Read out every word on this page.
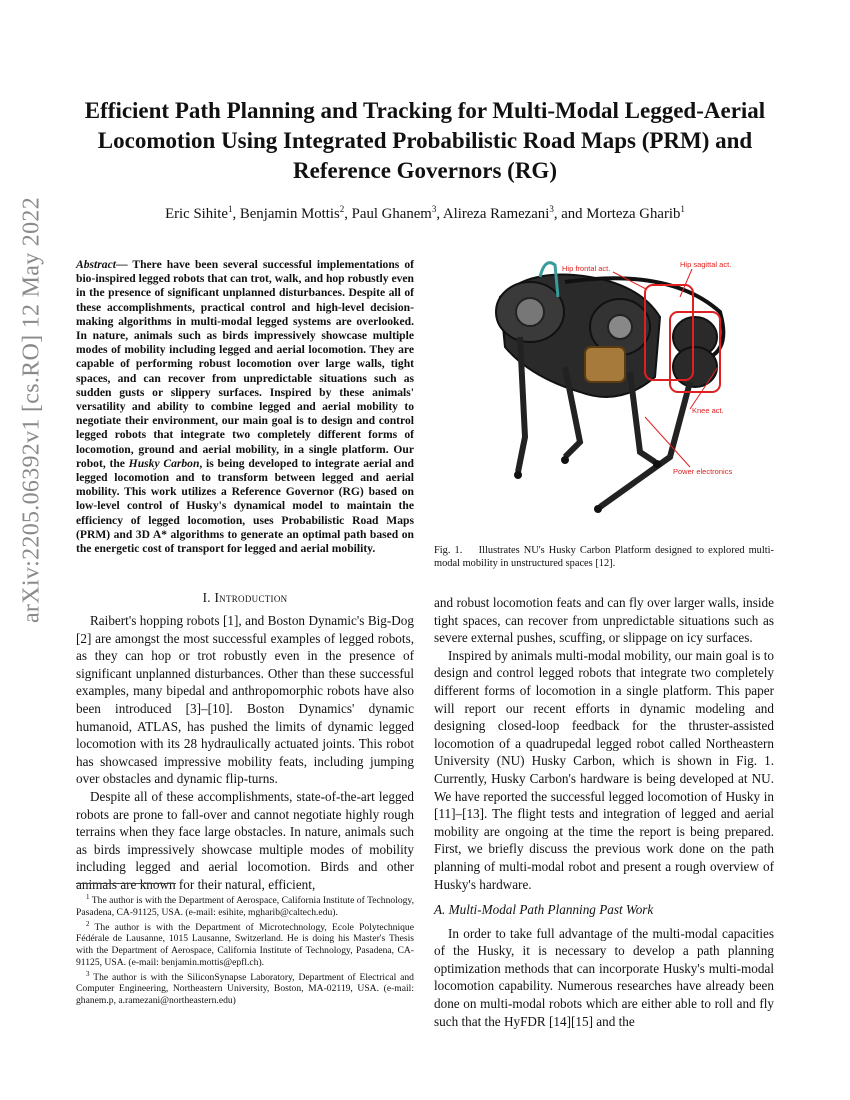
arXiv:2205.06392v1 [cs.RO] 12 May 2022
Efficient Path Planning and Tracking for Multi-Modal Legged-Aerial Locomotion Using Integrated Probabilistic Road Maps (PRM) and Reference Governors (RG)
Eric Sihite$^1$, Benjamin Mottis$^2$, Paul Ghanem$^3$, Alireza Ramezani$^3$, and Morteza Gharib$^1$
Abstract— There have been several successful implementations of bio-inspired legged robots that can trot, walk, and hop robustly even in the presence of significant unplanned disturbances. Despite all of these accomplishments, practical control and high-level decision-making algorithms in multi-modal legged systems are overlooked. In nature, animals such as birds impressively showcase multiple modes of mobility including legged and aerial locomotion. They are capable of performing robust locomotion over large walls, tight spaces, and can recover from unpredictable situations such as sudden gusts or slippery surfaces. Inspired by these animals' versatility and ability to combine legged and aerial mobility to negotiate their environment, our main goal is to design and control legged robots that integrate two completely different forms of locomotion, ground and aerial mobility, in a single platform. Our robot, the Husky Carbon, is being developed to integrate aerial and legged locomotion and to transform between legged and aerial mobility. This work utilizes a Reference Governor (RG) based on low-level control of Husky's dynamical model to maintain the efficiency of legged locomotion, uses Probabilistic Road Maps (PRM) and 3D A* algorithms to generate an optimal path based on the energetic cost of transport for legged and aerial mobility.
I. Introduction

Raibert's hopping robots [1], and Boston Dynamic's Big-Dog [2] are amongst the most successful examples of legged robots, as they can hop or trot robustly even in the presence of significant unplanned disturbances. Other than these successful examples, many bipedal and anthropomorphic robots have also been introduced [3]–[10]. Boston Dynamics' dynamic humanoid, ATLAS, has pushed the limits of dynamic legged locomotion with its 28 hydraulically actuated joints. This robot has showcased impressive mobility feats, including jumping over obstacles and dynamic flip-turns.

Despite all of these accomplishments, state-of-the-art legged robots are prone to fall-over and cannot negotiate highly rough terrains when they face large obstacles. In nature, animals such as birds impressively showcase multiple modes of mobility including legged and aerial locomotion. Birds and other animals are known for their natural, efficient,

$^1$ The author is with the Department of Aerospace, California Institute of Technology, Pasadena, CA-91125, USA. (e-mail: esihite, mgharib@caltech.edu).
$^2$ The author is with the Department of Microtechnology, Ecole Polytechnique Fédérale de Lausanne, 1015 Lausanne, Switzerland. He is doing his Master's Thesis with the Department of Aerospace, California Institute of Technology, Pasadena, CA-91125, USA. (e-mail: benjamin.mottis@epfl.ch).
$^3$ The author is with the SiliconSynapse Laboratory, Department of Electrical and Computer Engineering, Northeastern University, Boston, MA-02119, USA. (e-mail: ghanem.p, a.ramezani@northeastern.edu)
Hip frontal act.	Hip sagittal act.
Knee act.
Power electronics
Fig. 1. Illustrates NU's Husky Carbon Platform designed to explored multi-modal mobility in unstructured spaces [12].

and robust locomotion feats and can fly over larger walls, inside tight spaces, can recover from unpredictable situations such as severe external pushes, scuffing, or slippage on icy surfaces.

Inspired by animals multi-modal mobility, our main goal is to design and control legged robots that integrate two completely different forms of locomotion in a single platform. This paper will report our recent efforts in dynamic modeling and designing closed-loop feedback for the thruster-assisted locomotion of a quadrupedal legged robot called Northeastern University (NU) Husky Carbon, which is shown in Fig. 1. Currently, Husky Carbon's hardware is being developed at NU. We have reported the successful legged locomotion of Husky in [11]–[13]. The flight tests and integration of legged and aerial mobility are ongoing at the time the report is being prepared. First, we briefly discuss the previous work done on the path planning of multi-modal robot and present a rough overview of Husky's hardware.

A. Multi-Modal Path Planning Past Work

In order to take full advantage of the multi-modal capacities of the Husky, it is necessary to develop a path planning optimization methods that can incorporate Husky's multi-modal locomotion capability. Numerous researches have already been done on multi-modal robots which are either able to roll and fly such that the HyFDR [14][15] and the
